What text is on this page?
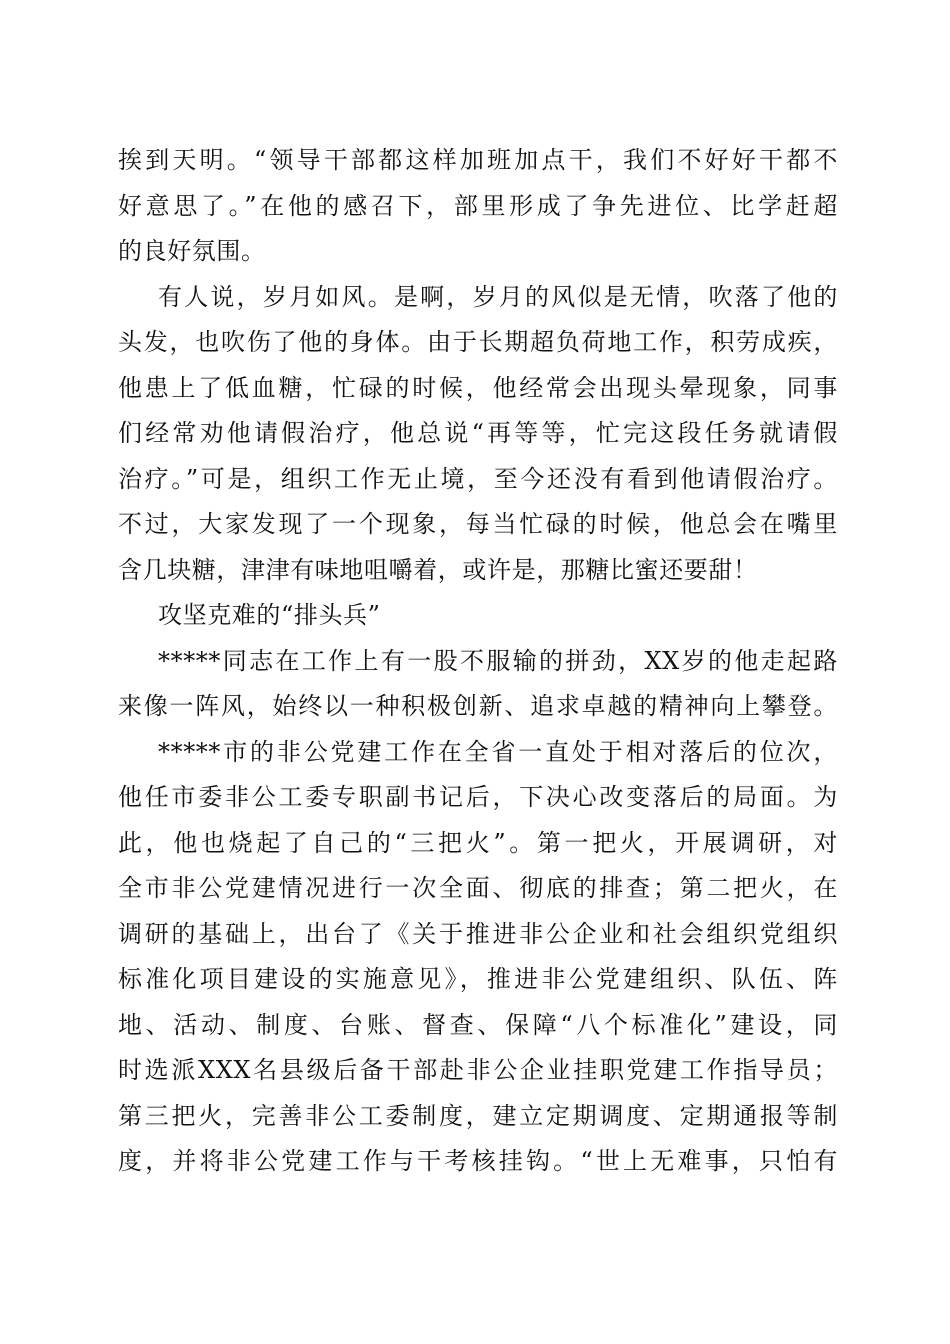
挨到天明。“领导干部都这样加班加点干，我们不好好干都不
好意思了。”在他的感召下，部里形成了争先进位、比学赶超
的良好氛围。
有人说，岁月如风。是啊，岁月的风似是无情，吹落了他的
头发，也吹伤了他的身体。由于长期超负荷地工作，积劳成疾，
他患上了低血糖，忙碌的时候，他经常会出现头晕现象，同事
们经常劝他请假治疗，他总说“再等等，忙完这段任务就请假
治疗。”可是，组织工作无止境，至今还没有看到他请假治疗。
不过，大家发现了一个现象，每当忙碌的时候，他总会在嘴里
含几块糖，津津有味地咀嚼着，或许是，那糖比蜜还要甜！
攻坚克难的“排头兵”
*****同志在工作上有一股不服输的拼劲，XX岁的他走起路
来像一阵风，始终以一种积极创新、追求卓越的精神向上攀登。
*****市的非公党建工作在全省一直处于相对落后的位次，
他任市委非公工委专职副书记后，下决心改变落后的局面。为
此，他也烧起了自己的“三把火”。第一把火，开展调研，对
全市非公党建情况进行一次全面、彻底的排查；第二把火，在
调研的基础上，出台了《关于推进非公企业和社会组织党组织
标准化项目建设的实施意见》，推进非公党建组织、队伍、阵
地、活动、制度、台账、督查、保障“八个标准化”建设，同
时选派XXX名县级后备干部赴非公企业挂职党建工作指导员；
第三把火，完善非公工委制度，建立定期调度、定期通报等制
度，并将非公党建工作与干考核挂钩。“世上无难事，只怕有
